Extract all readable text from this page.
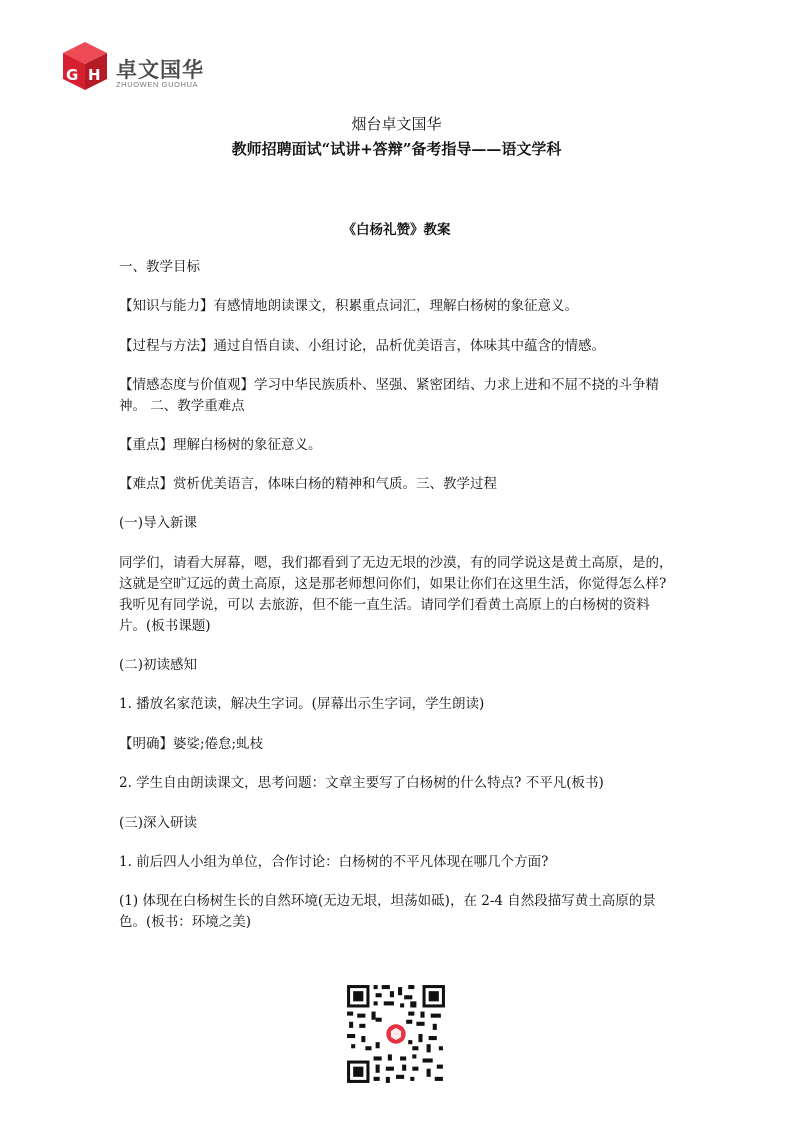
G H 卓文国华
ZHUOWEN GUOHUA
烟台卓文国华
教师招聘面试“试讲+答辩”备考指导——语文学科
《白杨礼赞》教案

一、教学目标

【知识与能力】有感情地朗读课文，积累重点词汇，理解白杨树的象征意义。

【过程与方法】通过自悟自读、小组讨论，品析优美语言，体味其中蕴含的情感。

【情感态度与价值观】学习中华民族质朴、坚强、紧密团结、力求上进和不屈不挠的斗争精神。 二、教学重难点

【重点】理解白杨树的象征意义。

【难点】赏析优美语言，体味白杨的精神和气质。三、教学过程

(一)导入新课

同学们，请看大屏幕，嗯，我们都看到了无边无垠的沙漠，有的同学说这是黄土高原，是的，这就是空旷辽远的黄土高原，这是那老师想问你们，如果让你们在这里生活，你觉得怎么样?我听见有同学说，可以 去旅游，但不能一直生活。请同学们看黄土高原上的白杨树的资料片。(板书课题)

(二)初读感知

1. 播放名家范读，解决生字词。(屏幕出示生字词，学生朗读)

【明确】婆娑;倦怠;虬枝

2. 学生自由朗读课文，思考问题：文章主要写了白杨树的什么特点? 不平凡(板书)

(三)深入研读

1. 前后四人小组为单位，合作讨论：白杨树的不平凡体现在哪几个方面?

(1) 体现在白杨树生长的自然环境(无边无垠，坦荡如砥)，在 2-4 自然段描写黄土高原的景色。(板书：环境之美)
